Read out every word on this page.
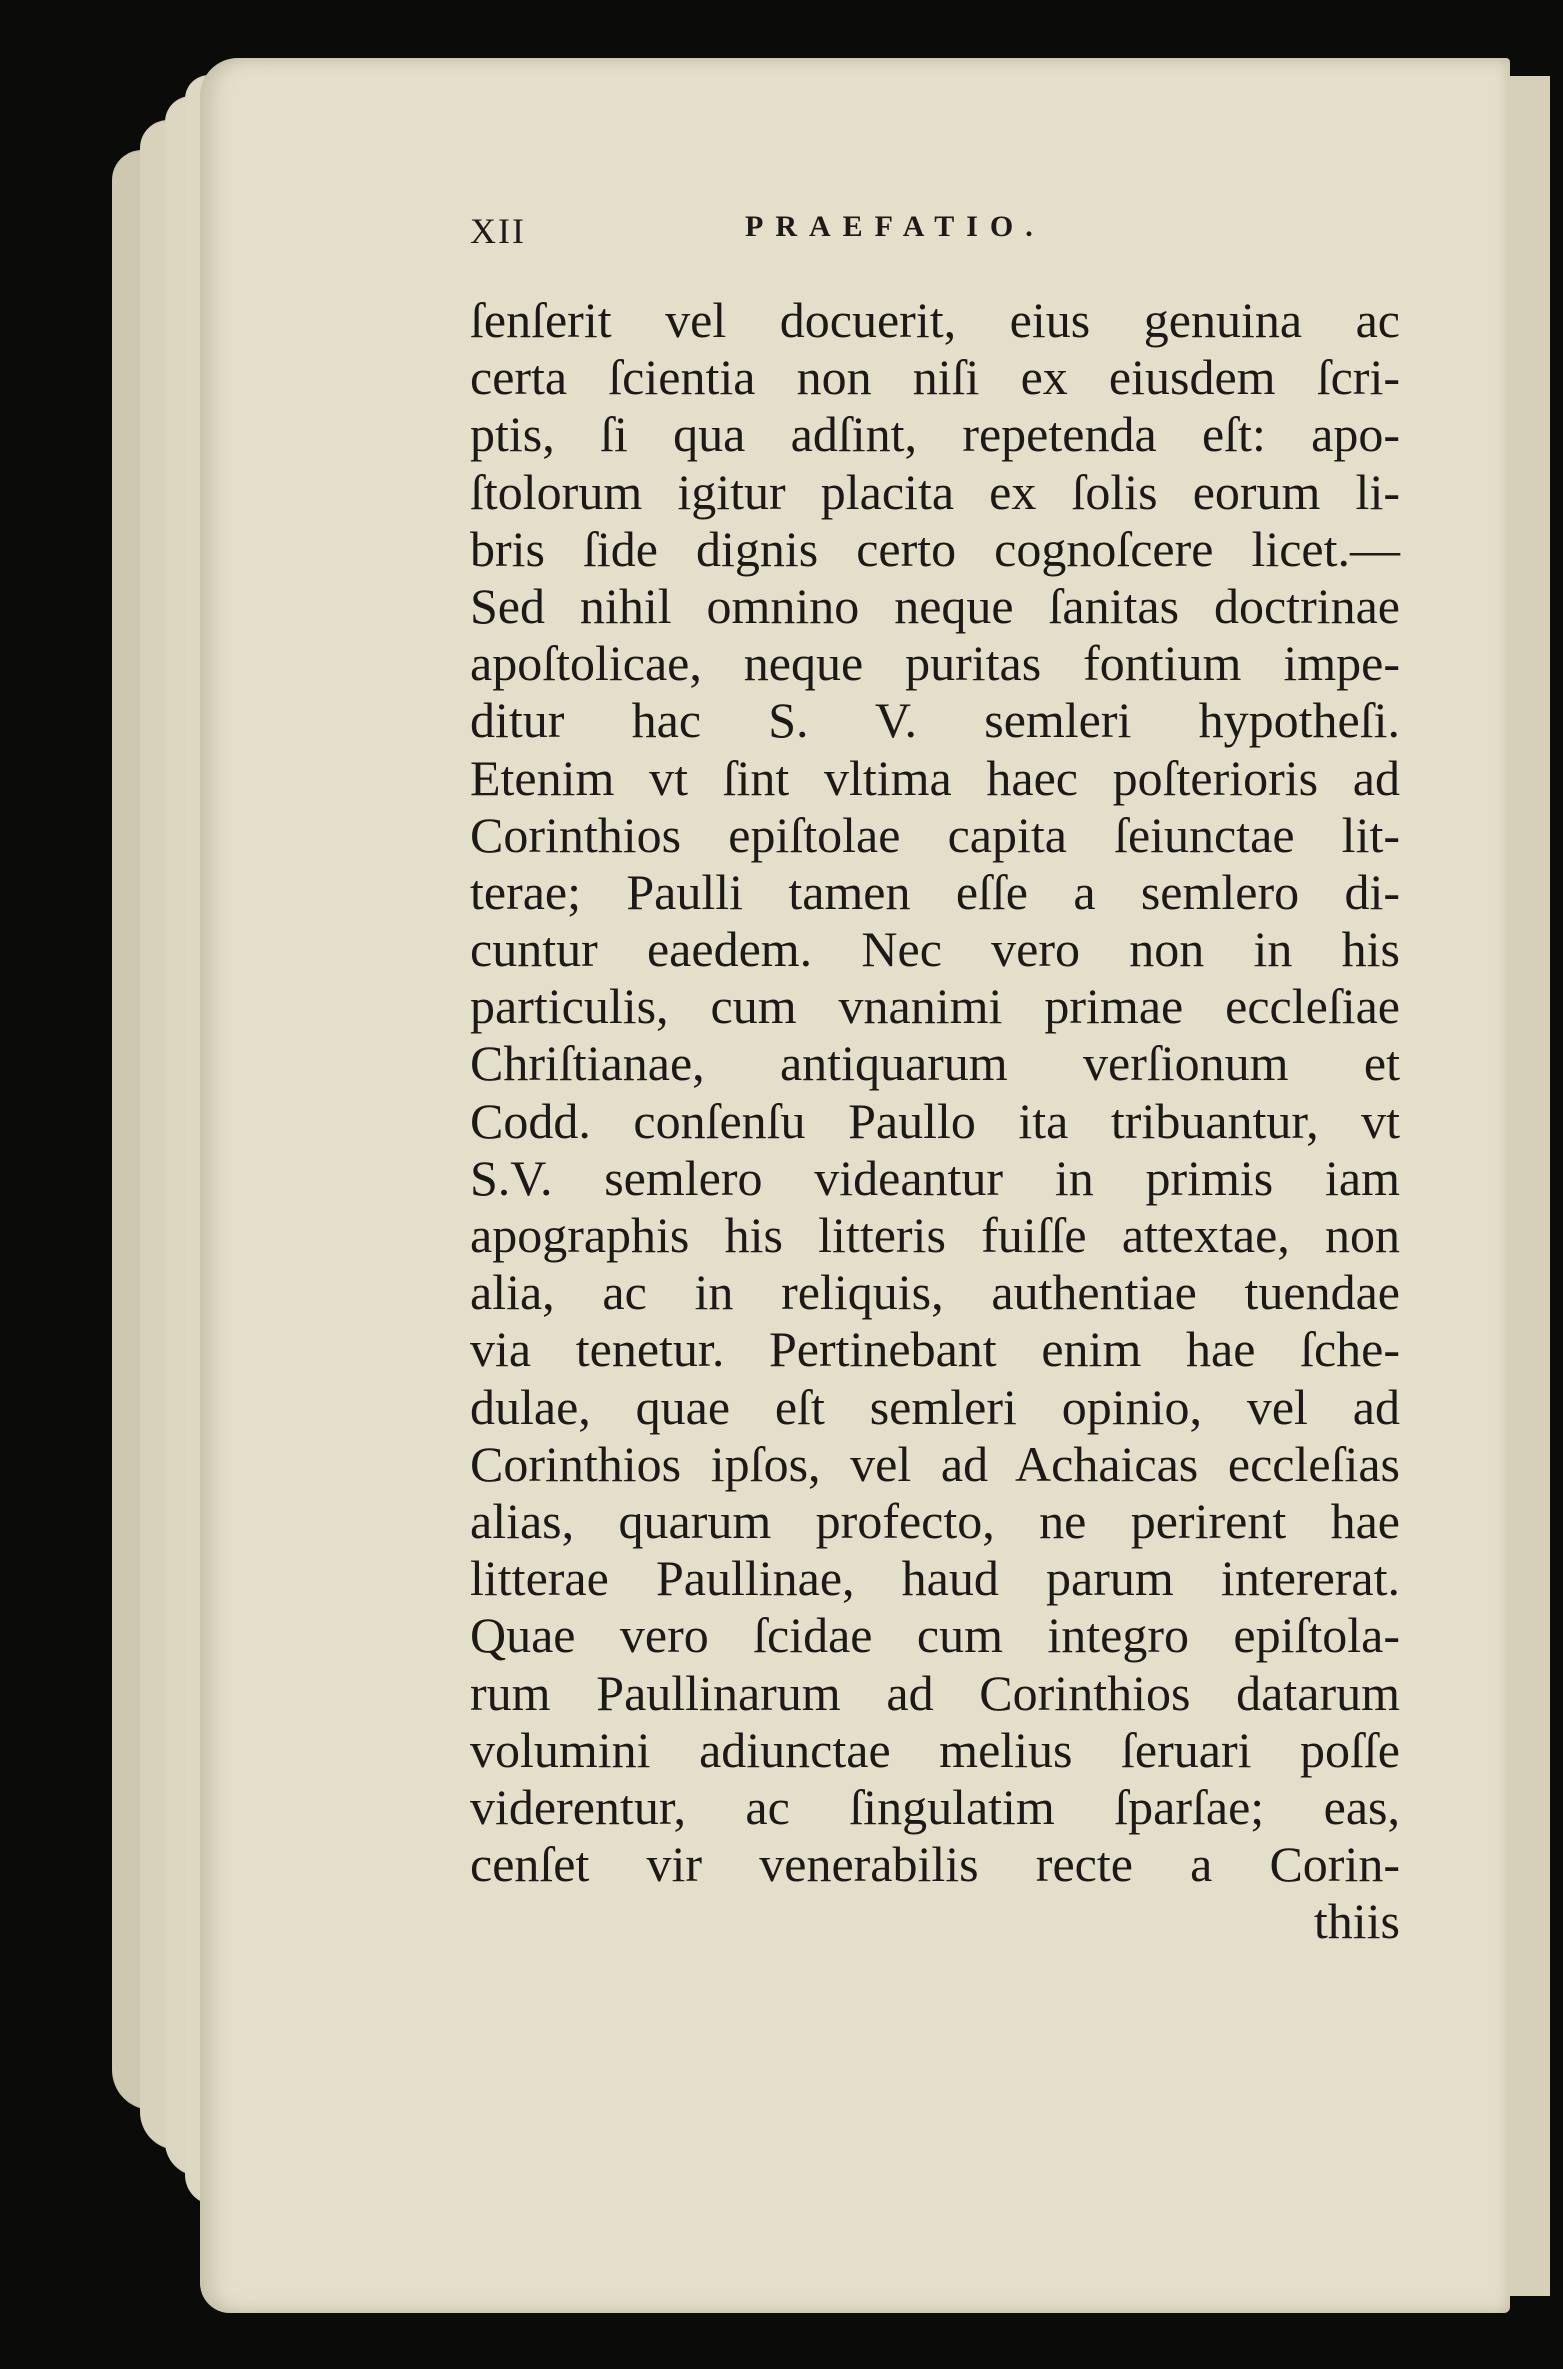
XII	PRAEFATIO.
ſenſerit vel docuerit, eius genuina ac
certa ſcientia non niſi ex eiusdem ſcri-
ptis, ſi qua adſint, repetenda eſt: apo-
ſtolorum igitur placita ex ſolis eorum li-
bris ſide dignis certo cognoſcere licet.—
Sed nihil omnino neque ſanitas doctrinae
apoſtolicae, neque puritas fontium impe-
ditur hac S. V. semleri hypotheſi.
Etenim vt ſint vltima haec poſterioris ad
Corinthios epiſtolae capita ſeiunctae lit-
terae; Paulli tamen eſſe a semlero di-
cuntur eaedem. Nec vero non in his
particulis, cum vnanimi primae eccleſiae
Chriſtianae, antiquarum verſionum et
Codd. conſenſu Paullo ita tribuantur, vt
S.V. semlero videantur in primis iam
apographis his litteris fuiſſe attextae, non
alia, ac in reliquis, authentiae tuendae
via tenetur. Pertinebant enim hae ſche-
dulae, quae eſt semleri opinio, vel ad
Corinthios ipſos, vel ad Achaicas eccleſias
alias, quarum profecto, ne perirent hae
litterae Paullinae, haud parum intererat.
Quae vero ſcidae cum integro epiſtola-
rum Paullinarum ad Corinthios datarum
volumini adiunctae melius ſeruari poſſe
viderentur, ac ſingulatim ſparſae; eas,
cenſet vir venerabilis recte a Corin-
thiis
